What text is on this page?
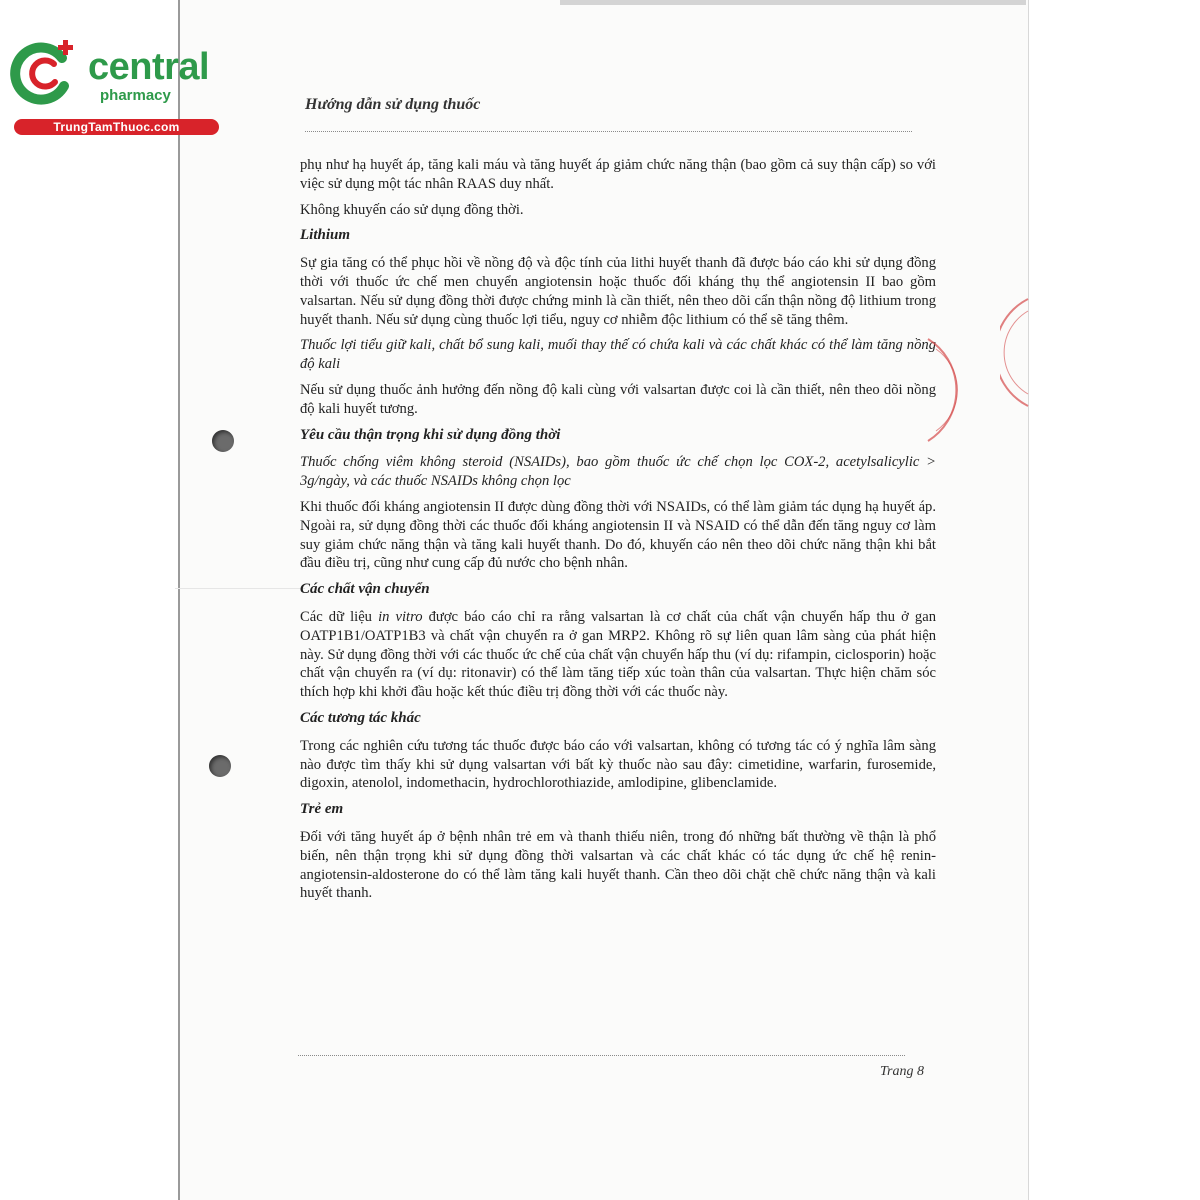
central
pharmacy
TrungTamThuoc.com
Hướng dẫn sử dụng thuốc

phụ như hạ huyết áp, tăng kali máu và tăng huyết áp giảm chức năng thận (bao gồm cả suy thận cấp) so với việc sử dụng một tác nhân RAAS duy nhất.

Không khuyến cáo sử dụng đồng thời.

Lithium

Sự gia tăng có thể phục hồi về nồng độ và độc tính của lithi huyết thanh đã được báo cáo khi sử dụng đồng thời với thuốc ức chế men chuyển angiotensin hoặc thuốc đối kháng thụ thể angiotensin II bao gồm valsartan. Nếu sử dụng đồng thời được chứng minh là cần thiết, nên theo dõi cẩn thận nồng độ lithium trong huyết thanh. Nếu sử dụng cùng thuốc lợi tiểu, nguy cơ nhiễm độc lithium có thể sẽ tăng thêm.

Thuốc lợi tiểu giữ kali, chất bổ sung kali, muối thay thế có chứa kali và các chất khác có thể làm tăng nồng độ kali

Nếu sử dụng thuốc ảnh hưởng đến nồng độ kali cùng với valsartan được coi là cần thiết, nên theo dõi nồng độ kali huyết tương.

Yêu cầu thận trọng khi sử dụng đồng thời

Thuốc chống viêm không steroid (NSAIDs), bao gồm thuốc ức chế chọn lọc COX-2, acetylsalicylic > 3g/ngày, và các thuốc NSAIDs không chọn lọc

Khi thuốc đối kháng angiotensin II được dùng đồng thời với NSAIDs, có thể làm giảm tác dụng hạ huyết áp. Ngoài ra, sử dụng đồng thời các thuốc đối kháng angiotensin II và NSAID có thể dẫn đến tăng nguy cơ làm suy giảm chức năng thận và tăng kali huyết thanh. Do đó, khuyến cáo nên theo dõi chức năng thận khi bắt đầu điều trị, cũng như cung cấp đủ nước cho bệnh nhân.

Các chất vận chuyển

Các dữ liệu in vitro được báo cáo chỉ ra rằng valsartan là cơ chất của chất vận chuyển hấp thu ở gan OATP1B1/OATP1B3 và chất vận chuyển ra ở gan MRP2. Không rõ sự liên quan lâm sàng của phát hiện này. Sử dụng đồng thời với các thuốc ức chế của chất vận chuyển hấp thu (ví dụ: rifampin, ciclosporin) hoặc chất vận chuyển ra (ví dụ: ritonavir) có thể làm tăng tiếp xúc toàn thân của valsartan. Thực hiện chăm sóc thích hợp khi khởi đầu hoặc kết thúc điều trị đồng thời với các thuốc này.

Các tương tác khác

Trong các nghiên cứu tương tác thuốc được báo cáo với valsartan, không có tương tác có ý nghĩa lâm sàng nào được tìm thấy khi sử dụng valsartan với bất kỳ thuốc nào sau đây: cimetidine, warfarin, furosemide, digoxin, atenolol, indomethacin, hydrochlorothiazide, amlodipine, glibenclamide.

Trẻ em

Đối với tăng huyết áp ở bệnh nhân trẻ em và thanh thiếu niên, trong đó những bất thường về thận là phổ biến, nên thận trọng khi sử dụng đồng thời valsartan và các chất khác có tác dụng ức chế hệ renin-angiotensin-aldosterone do có thể làm tăng kali huyết thanh. Cần theo dõi chặt chẽ chức năng thận và kali huyết thanh.

Trang 8
